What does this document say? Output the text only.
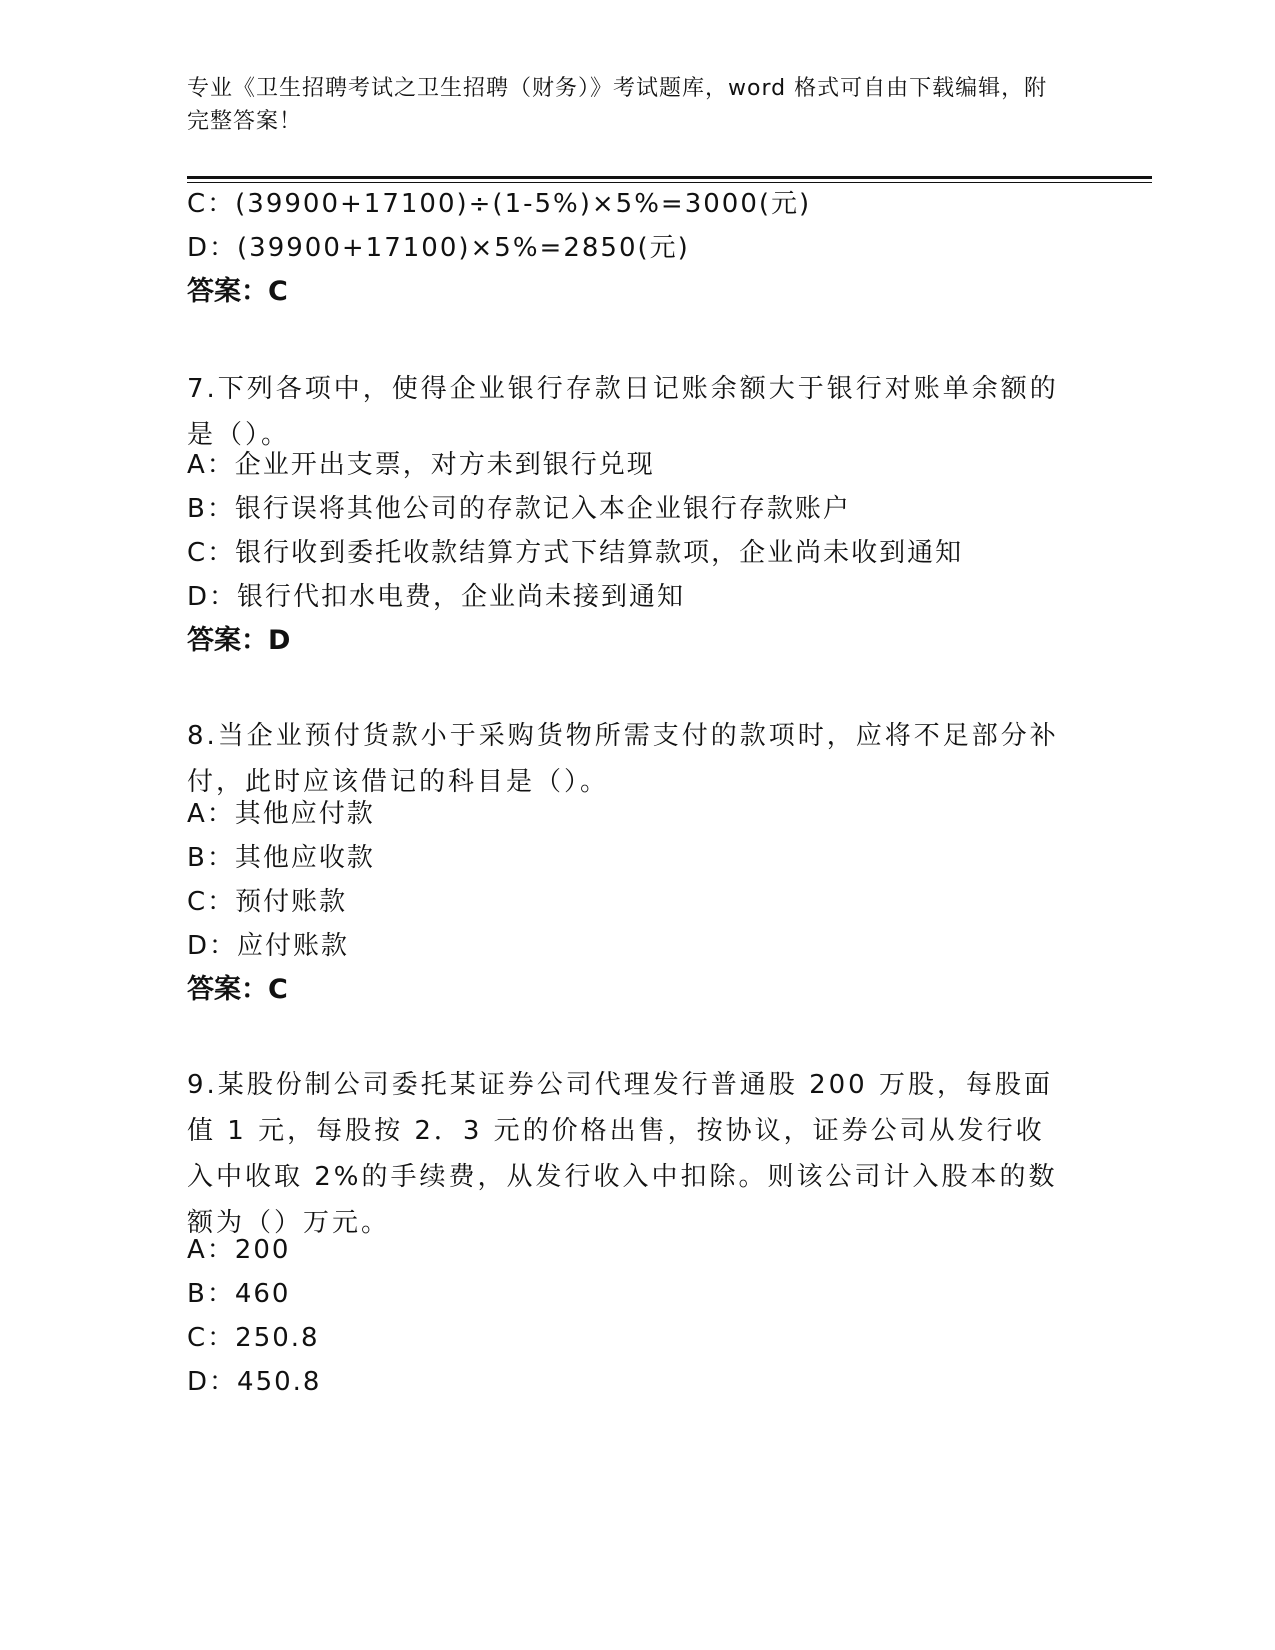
专业《卫生招聘考试之卫生招聘（财务）》考试题库，word 格式可自由下载编辑，附完整答案！
C：(39900+17100)÷(1-5%)×5%=3000(元)
D：(39900+17100)×5%=2850(元)
答案：C
7.下列各项中，使得企业银行存款日记账余额大于银行对账单余额的是（）。
A：企业开出支票，对方未到银行兑现
B：银行误将其他公司的存款记入本企业银行存款账户
C：银行收到委托收款结算方式下结算款项，企业尚未收到通知
D：银行代扣水电费，企业尚未接到通知
答案：D
8.当企业预付货款小于采购货物所需支付的款项时，应将不足部分补付，此时应该借记的科目是（）。
A：其他应付款
B：其他应收款
C：预付账款
D：应付账款
答案：C
9.某股份制公司委托某证券公司代理发行普通股 200 万股，每股面值 1 元，每股按 2．3 元的价格出售，按协议，证券公司从发行收入中收取 2%的手续费，从发行收入中扣除。则该公司计入股本的数额为（）万元。
A：200
B：460
C：250.8
D：450.8
